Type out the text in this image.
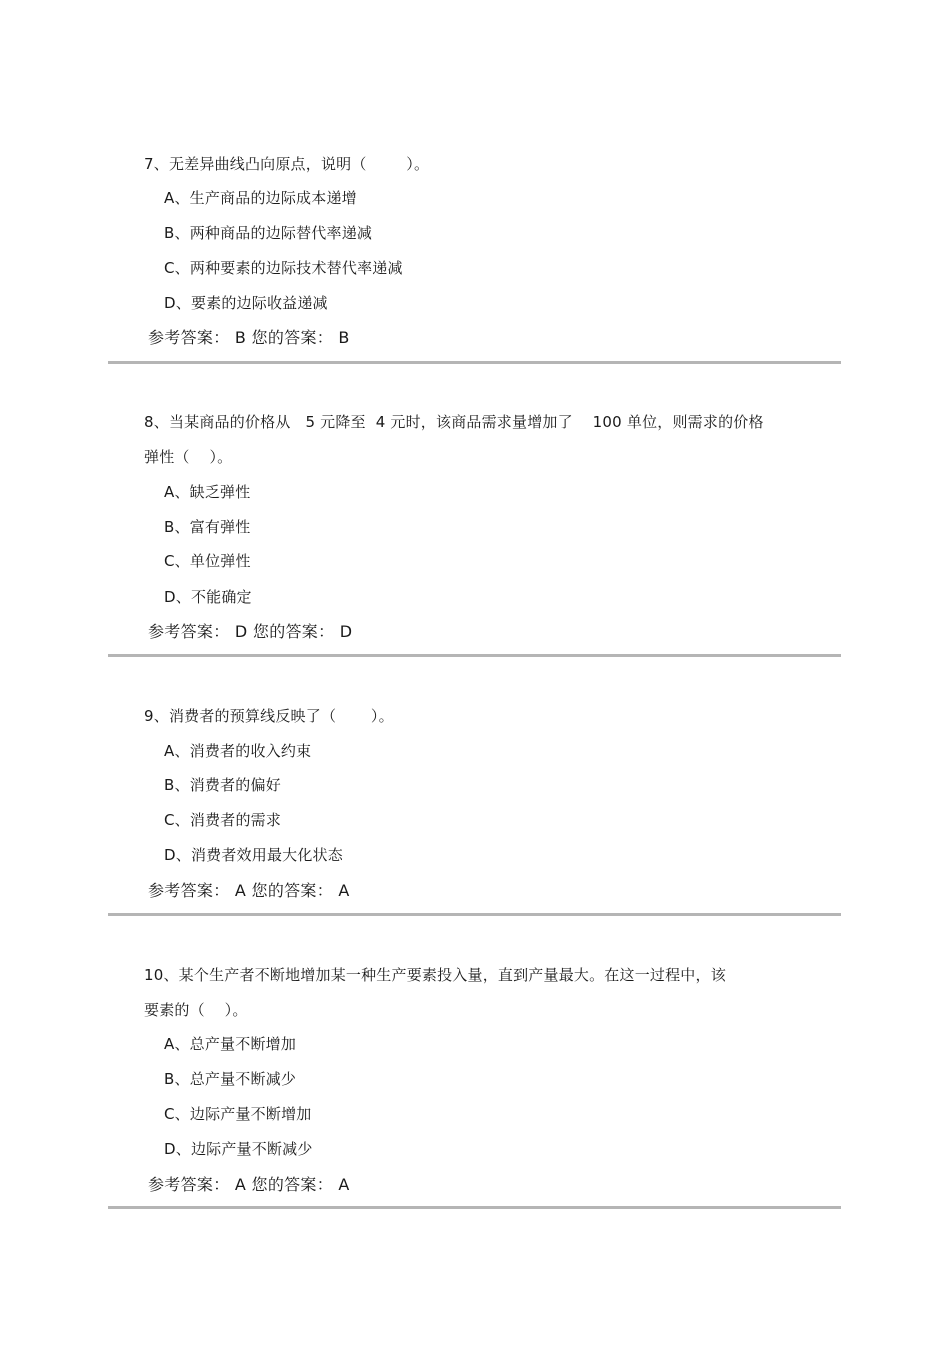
7、无差异曲线凸向原点，说明（        ）。
A、生产商品的边际成本递增
B、两种商品的边际替代率递减
C、两种要素的边际技术替代率递减
D、要素的边际收益递减
参考答案： B 您的答案： B
8、当某商品的价格从   5 元降至  4 元时，该商品需求量增加了    100 单位，则需求的价格
弹性（    ）。
A、缺乏弹性
B、富有弹性
C、单位弹性
D、不能确定
参考答案： D 您的答案： D
9、消费者的预算线反映了（       ）。
A、消费者的收入约束
B、消费者的偏好
C、消费者的需求
D、消费者效用最大化状态
参考答案： A 您的答案： A
10、某个生产者不断地增加某一种生产要素投入量，直到产量最大。在这一过程中，该
要素的（    ）。
A、总产量不断增加
B、总产量不断减少
C、边际产量不断增加
D、边际产量不断减少
参考答案： A 您的答案： A
